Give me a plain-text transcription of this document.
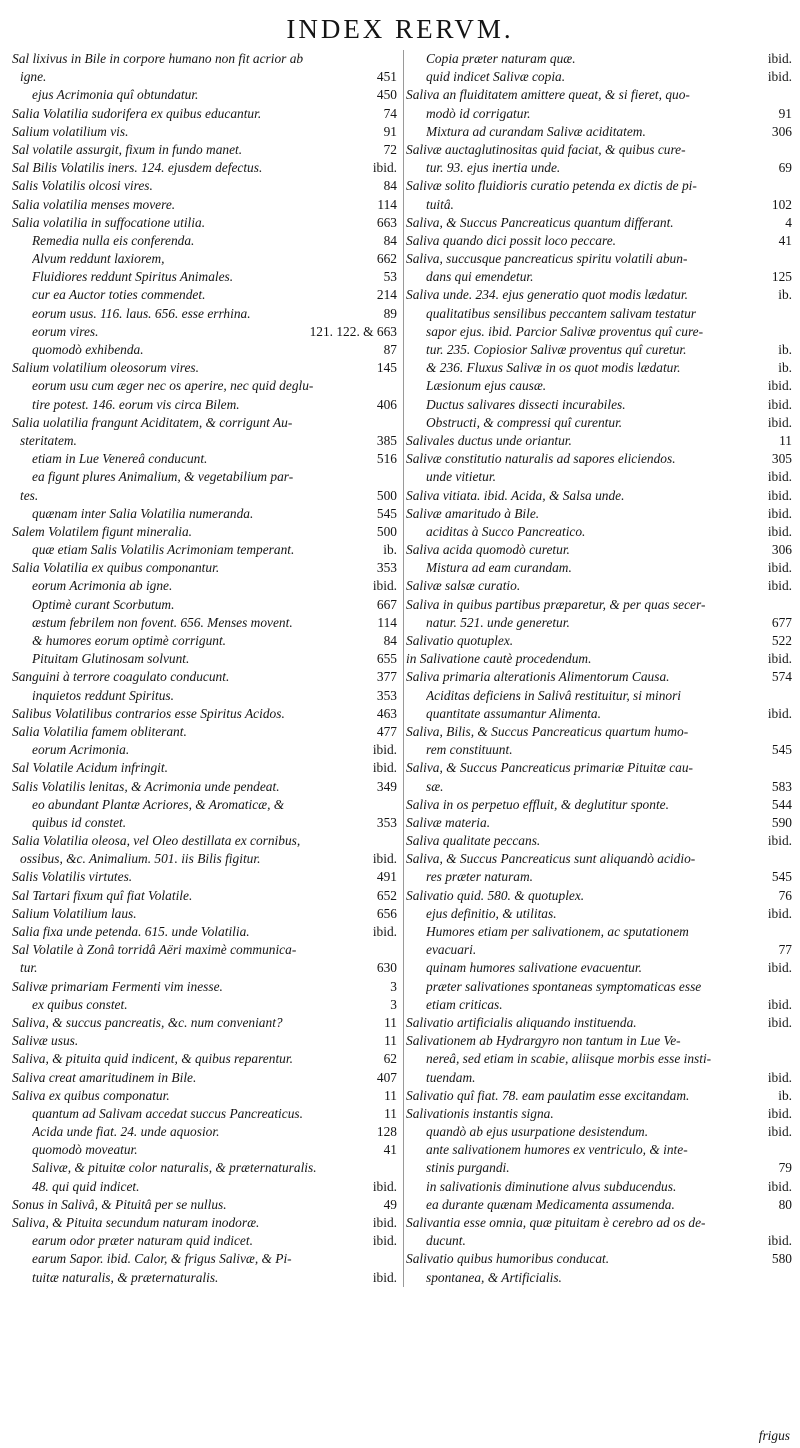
INDEX RERVM.
Sal lixivus in Bile in corpore humano non fit acrior ab
igne.	451
ejus Acrimonia quî obtundatur.	450
Salia Volatilia sudorifera ex quibus educantur.	74
Salium volatilium vis.	91
Sal volatile assurgit, fixum in fundo manet.	72
Sal Bilis Volatilis iners. 124. ejusdem defectus.	ibid.
Salis Volatilis olcosi vires.	84
Salia volatilia menses movere.	114
Salia volatilia in suffocatione utilia.	663
Remedia nulla eis conferenda.	84
Alvum reddunt laxiorem,	662
Fluidiores reddunt Spiritus Animales.	53
cur ea Auctor toties commendet.	214
eorum usus. 116. laus. 656. esse errhina.	89
eorum vires.	121. 122. & 663
quomodò exhibenda.	87
Salium volatilium oleosorum vires.	145
eorum usu cum æger nec os aperire, nec quid deglu-
tire potest. 146. eorum vis circa Bilem.	406
Salia uolatilia frangunt Aciditatem, & corrigunt Au-
steritatem.	385
etiam in Lue Venereâ conducunt.	516
ea figunt plures Animalium, & vegetabilium par-
tes.	500
quænam inter Salia Volatilia numeranda.	545
Salem Volatilem figunt mineralia.	500
quæ etiam Salis Volatilis Acrimoniam temperant.	ib.
Salia Volatilia ex quibus componantur.	353
eorum Acrimonia ab igne.	ibid.
Optimè curant Scorbutum.	667
æstum febrilem non fovent. 656. Menses movent.	114
& humores eorum optimè corrigunt.	84
Pituitam Glutinosam solvunt.	655
Sanguini à terrore coagulato conducunt.	377
inquietos reddunt Spiritus.	353
Salibus Volatilibus contrarios esse Spiritus Acidos.	463
Salia Volatilia famem obliterant.	477
eorum Acrimonia.	ibid.
Sal Volatile Acidum infringit.	ibid.
Salis Volatilis lenitas, & Acrimonia unde pendeat.	349
eo abundant Plantæ Acriores, & Aromaticæ, &
quibus id constet.	353
Salia Volatilia oleosa, vel Oleo destillata ex cornibus,
ossibus, &c. Animalium. 501. iis Bilis figitur.	ibid.
Salis Volatilis virtutes.	491
Sal Tartari fixum quî fiat Volatile.	652
Salium Volatilium laus.	656
Salia fixa unde petenda. 615. unde Volatilia.	ibid.
Sal Volatile à Zonâ torridâ Aëri maximè communica-
tur.	630
Salivæ primariam Fermenti vim inesse.	3
ex quibus constet.	3
Saliva, & succus pancreatis, &c. num conveniant?	11
Salivæ usus.	11
Saliva, & pituita quid indicent, & quibus reparentur.	62
Saliva creat amaritudinem in Bile.	407
Saliva ex quibus componatur.	11
quantum ad Salivam accedat succus Pancreaticus.	11
Acida unde fiat. 24. unde aquosior.	128
quomodò moveatur.	41
Salivæ, & pituitæ color naturalis, & præternaturalis.
48. qui quid indicet.	ibid.
Sonus in Salivâ, & Pituitâ per se nullus.	49
Saliva, & Pituita secundum naturam inodoræ.	ibid.
earum odor præter naturam quid indicet.	ibid.
earum Sapor. ibid. Calor, & frigus Salivæ, & Pi-
tuitæ naturalis, & præternaturalis.	ibid.
Copia præter naturam quæ.	ibid.
quid indicet Salivæ copia.	ibid.
Saliva an fluiditatem amittere queat, & si fieret, quo-
modò id corrigatur.	91
Mixtura ad curandam Salivæ aciditatem.	306
Salivæ auctaglutinositas quid faciat, & quibus cure-
tur. 93. ejus inertia unde.	69
Salivæ solito fluidioris curatio petenda ex dictis de pi-
tuitâ.	102
Saliva, & Succus Pancreaticus quantum differant.	4
Saliva quando dici possit loco peccare.	41
Saliva, succusque pancreaticus spiritu volatili abun-
dans qui emendetur.	125
Saliva unde. 234. ejus generatio quot modis lædatur.	ib.
qualitatibus sensilibus peccantem salivam testatur
sapor ejus. ibid. Parcior Salivæ proventus quî cure-
tur. 235. Copiosior Salivæ proventus quî curetur.	ib.
& 236. Fluxus Salivæ in os quot modis lædatur.	ib.
Læsionum ejus causæ.	ibid.
Ductus salivares dissecti incurabiles.	ibid.
Obstructi, & compressi quî curentur.	ibid.
Salivales ductus unde oriantur.	11
Salivæ constitutio naturalis ad sapores eliciendos.	305
unde vitietur.	ibid.
Saliva vitiata. ibid. Acida, & Salsa unde.	ibid.
Salivæ amaritudo à Bile.	ibid.
aciditas à Succo Pancreatico.	ibid.
Saliva acida quomodò curetur.	306
Mistura ad eam curandam.	ibid.
Salivæ salsæ curatio.	ibid.
Saliva in quibus partibus præparetur, & per quas secer-
natur. 521. unde generetur.	677
Salivatio quotuplex.	522
in Salivatione cautè procedendum.	ibid.
Saliva primaria alterationis Alimentorum Causa.	574
Aciditas deficiens in Salivâ restituitur, si minori
quantitate assumantur Alimenta.	ibid.
Saliva, Bilis, & Succus Pancreaticus quartum humo-
rem constituunt.	545
Saliva, & Succus Pancreaticus primariæ Pituitæ cau-
sæ.	583
Saliva in os perpetuo effluit, & deglutitur sponte.	544
Salivæ materia.	590
Saliva qualitate peccans.	ibid.
Saliva, & Succus Pancreaticus sunt aliquandò acidio-
res præter naturam.	545
Salivatio quid. 580. & quotuplex.	76
ejus definitio, & utilitas.	ibid.
Humores etiam per salivationem, ac sputationem
evacuari.	77
quinam humores salivatione evacuentur.	ibid.
præter salivationes spontaneas symptomaticas esse
etiam criticas.	ibid.
Salivatio artificialis aliquando instituenda.	ibid.
Salivationem ab Hydrargyro non tantum in Lue Ve-
nereâ, sed etiam in scabie, aliisque morbis esse insti-
tuendam.	ibid.
Salivatio quî fiat. 78. eam paulatim esse excitandam.	ib.
Salivationis instantis signa.	ibid.
quandò ab ejus usurpatione desistendum.	ibid.
ante salivationem humores ex ventriculo, & inte-
stinis purgandi.	79
in salivationis diminutione alvus subducendus.	ibid.
ea durante quænam Medicamenta assumenda.	80
Salivantia esse omnia, quæ pituitam è cerebro ad os de-
ducunt.	ibid.
Salivatio quibus humoribus conducat.	580
spontanea, & Artificialis.
frigus
